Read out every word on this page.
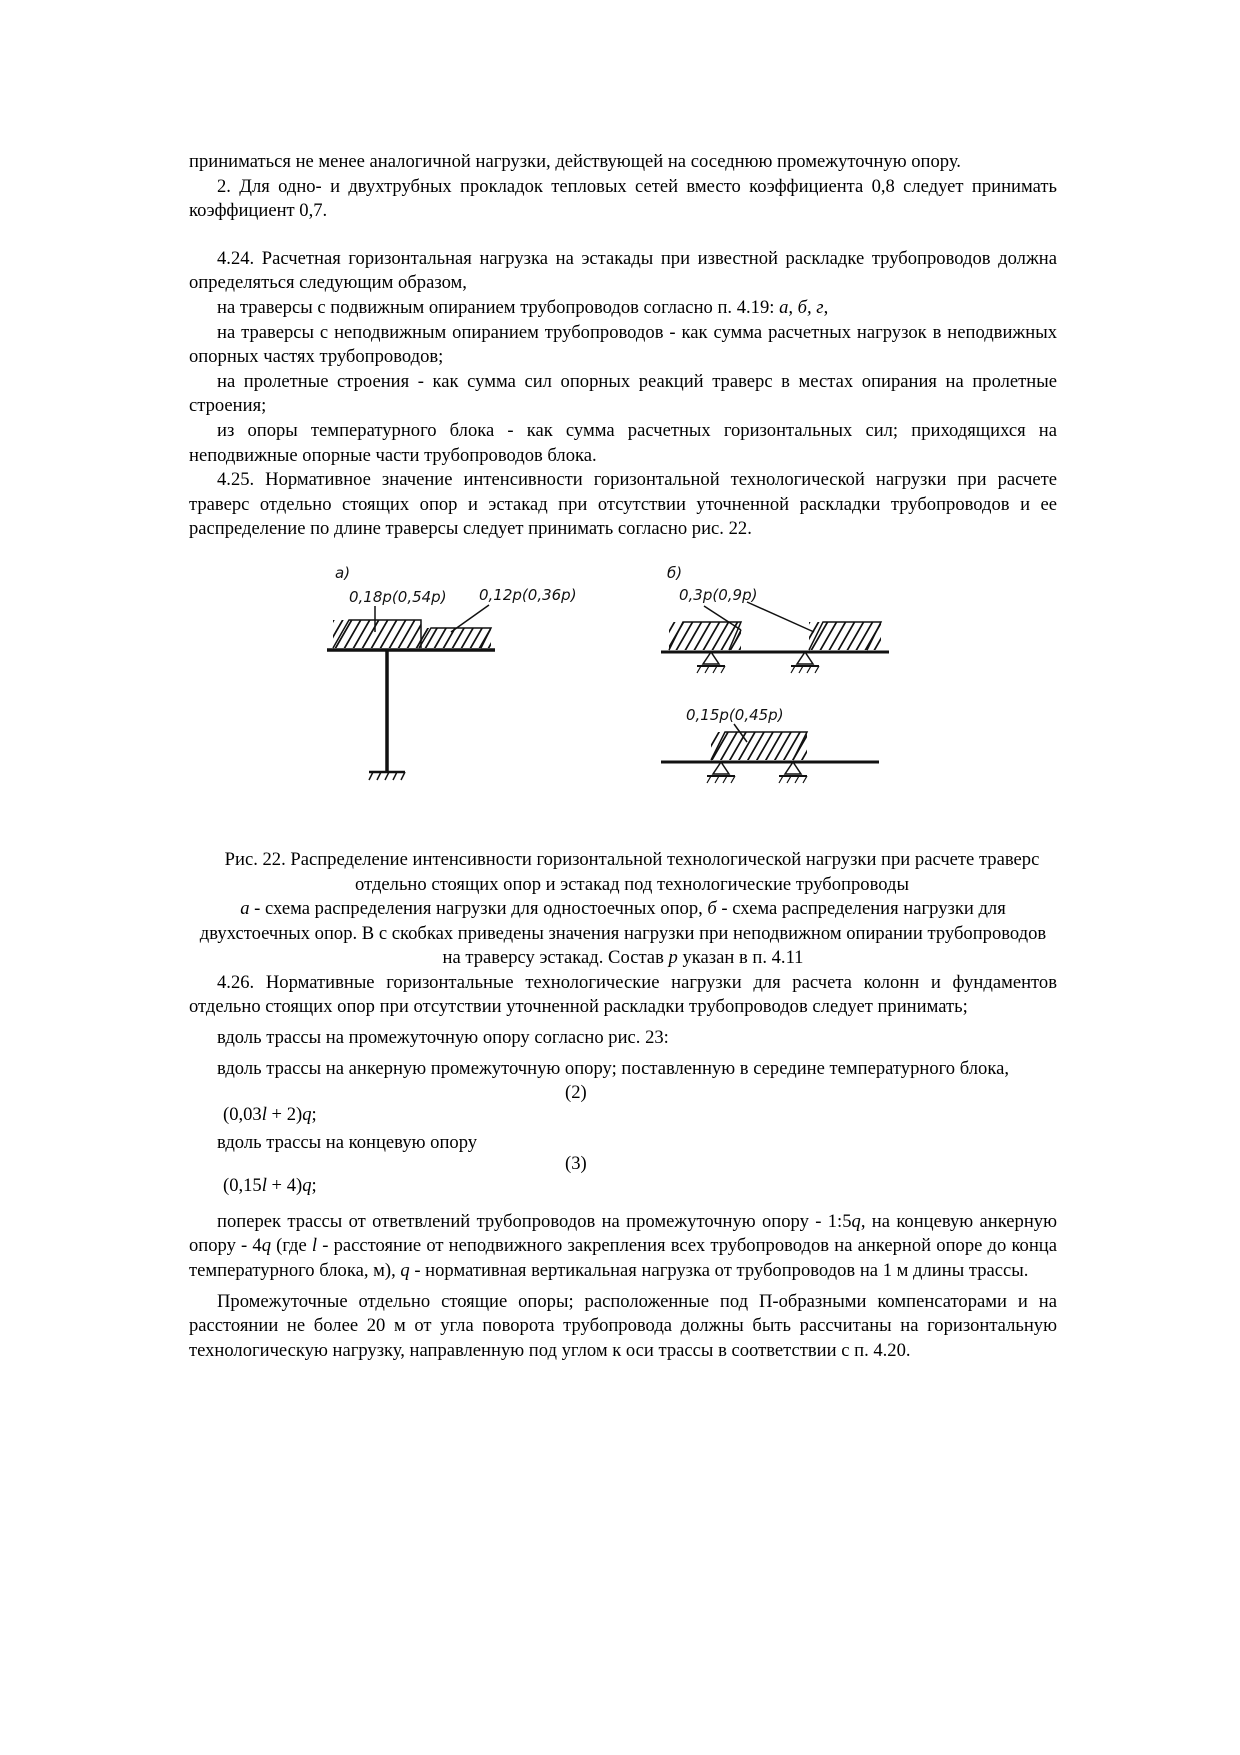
приниматься не менее аналогичной нагрузки, действующей на соседнюю промежуточную опору.

2. Для одно- и двухтрубных прокладок тепловых сетей вместо коэффициента 0,8 следует принимать коэффициент 0,7.

4.24. Расчетная горизонтальная нагрузка на эстакады при известной раскладке трубопроводов должна определяться следующим образом,

на траверсы с подвижным опиранием трубопроводов согласно п. 4.19: а, б, г,

на траверсы с неподвижным опиранием трубопроводов - как сумма расчетных нагрузок в неподвижных опорных частях трубопроводов;

на пролетные строения - как сумма сил опорных реакций траверс в местах опирания на пролетные строения;

из опоры температурного блока - как сумма расчетных горизонтальных сил; приходящихся на неподвижные опорные части трубопроводов блока.

4.25. Нормативное значение интенсивности горизонтальной технологической нагрузки при расчете траверс отдельно стоящих опор и эстакад при отсутствии уточненной раскладки трубопроводов и ее распределение по длине траверсы следует принимать согласно рис. 22.

а)
0,18р(0,54р) 0,12р(0,36р)
б)
0,3р(0,9р)
0,15р(0,45р)

Рис. 22. Распределение интенсивности горизонтальной технологической нагрузки при расчете траверс отдельно стоящих опор и эстакад под технологические трубопроводы

а - схема распределения нагрузки для одностоечных опор, б - схема распределения нагрузки для двухстоечных опор. В с скобках приведены значения нагрузки при неподвижном опирании трубопроводов на траверсу эстакад. Состав р указан в п. 4.11

4.26. Нормативные горизонтальные технологические нагрузки для расчета колонн и фундаментов отдельно стоящих опор при отсутствии уточненной раскладки трубопроводов следует принимать;

вдоль трассы на промежуточную опору согласно рис. 23:

вдоль трассы на анкерную промежуточную опору; поставленную в середине температурного блока,

(2)
(0,03l + 2)q;

вдоль трассы на концевую опору

(3)
(0,15l + 4)q;

поперек трассы от ответвлений трубопроводов на промежуточную опору - 1:5q, на концевую анкерную опору - 4q (где l - расстояние от неподвижного закрепления всех трубопроводов на анкерной опоре до конца температурного блока, м), q - нормативная вертикальная нагрузка от трубопроводов на 1 м длины трассы.

Промежуточные отдельно стоящие опоры; расположенные под П-образными компенсаторами и на расстоянии не более 20 м от угла поворота трубопровода должны быть рассчитаны на горизонтальную технологическую нагрузку, направленную под углом к оси трассы в соответствии с п. 4.20.
